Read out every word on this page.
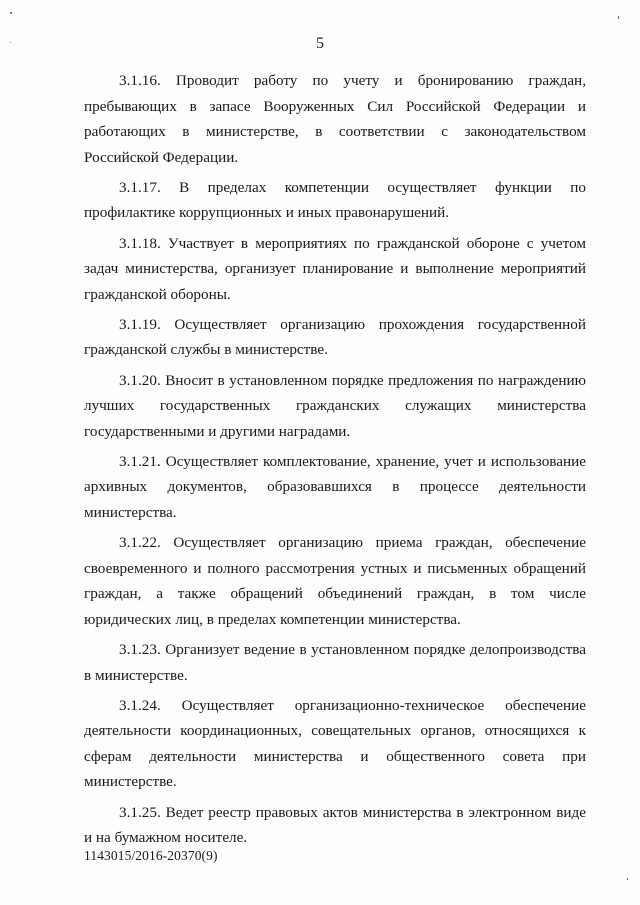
5

3.1.16. Проводит работу по учету и бронированию граждан, пребывающих в запасе Вооруженных Сил Российской Федерации и работающих в министерстве, в соответствии с законодательством Российской Федерации.

3.1.17. В пределах компетенции осуществляет функции по профилактике коррупционных и иных правонарушений.

3.1.18. Участвует в мероприятиях по гражданской обороне с учетом задач министерства, организует планирование и выполнение мероприятий гражданской обороны.

3.1.19. Осуществляет организацию прохождения государственной гражданской службы в министерстве.

3.1.20. Вносит в установленном порядке предложения по награждению лучших государственных гражданских служащих министерства государственными и другими наградами.

3.1.21. Осуществляет комплектование, хранение, учет и использование архивных документов, образовавшихся в процессе деятельности министерства.

3.1.22. Осуществляет организацию приема граждан, обеспечение своевременного и полного рассмотрения устных и письменных обращений граждан, а также обращений объединений граждан, в том числе юридических лиц, в пределах компетенции министерства.

3.1.23. Организует ведение в установленном порядке делопроизводства в министерстве.

3.1.24. Осуществляет организационно-техническое обеспечение деятельности координационных, совещательных органов, относящихся к сферам деятельности министерства и общественного совета при министерстве.

3.1.25. Ведет реестр правовых актов министерства в электронном виде и на бумажном носителе.

1143015/2016-20370(9)
